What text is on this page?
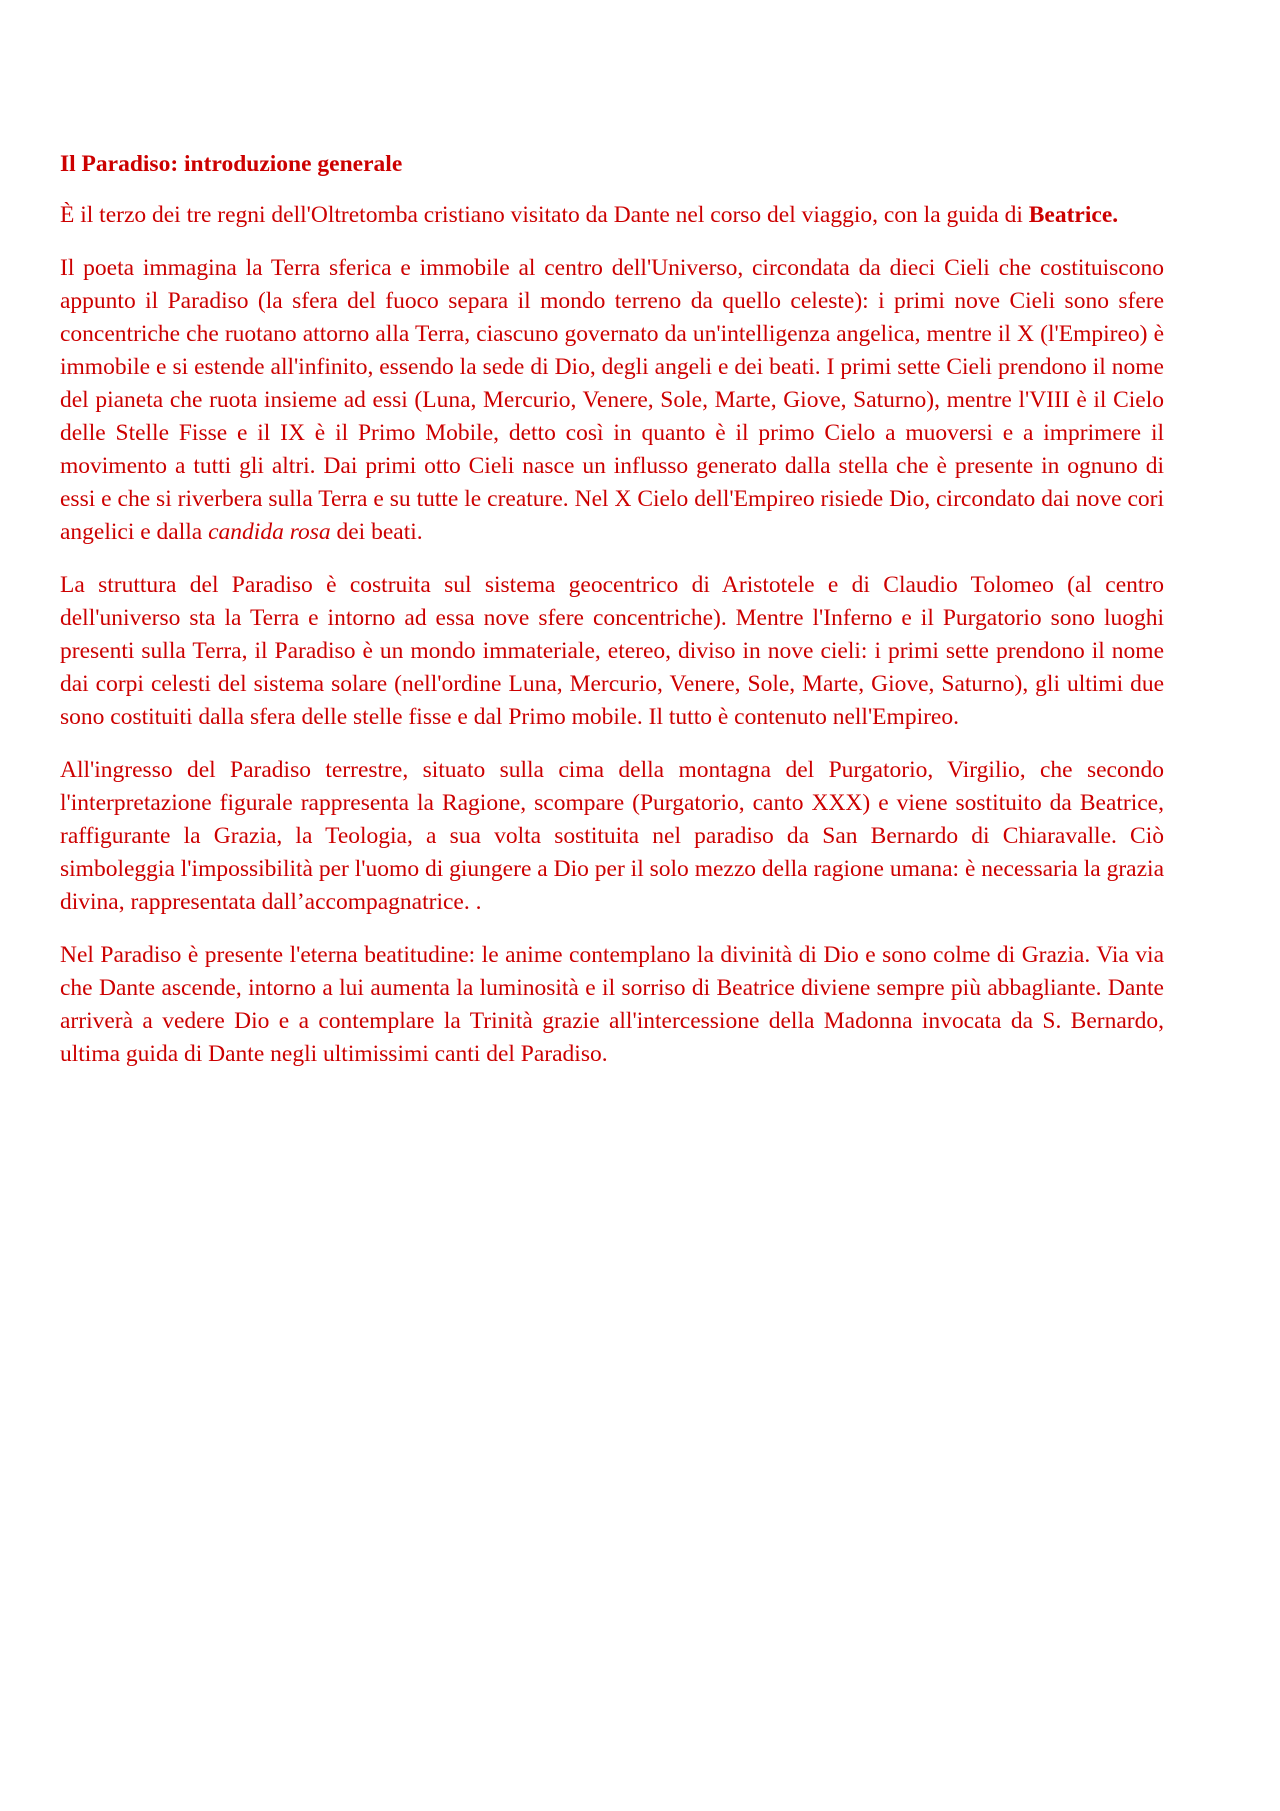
Il Paradiso: introduzione generale

È il terzo dei tre regni dell'Oltretomba cristiano visitato da Dante nel corso del viaggio, con la guida di Beatrice.

Il poeta immagina la Terra sferica e immobile al centro dell'Universo, circondata da dieci Cieli che costituiscono appunto il Paradiso (la sfera del fuoco separa il mondo terreno da quello celeste): i primi nove Cieli sono sfere concentriche che ruotano attorno alla Terra, ciascuno governato da un'intelligenza angelica, mentre il X (l'Empireo) è immobile e si estende all'infinito, essendo la sede di Dio, degli angeli e dei beati. I primi sette Cieli prendono il nome del pianeta che ruota insieme ad essi (Luna, Mercurio, Venere, Sole, Marte, Giove, Saturno), mentre l'VIII è il Cielo delle Stelle Fisse e il IX è il Primo Mobile, detto così in quanto è il primo Cielo a muoversi e a imprimere il movimento a tutti gli altri. Dai primi otto Cieli nasce un influsso generato dalla stella che è presente in ognuno di essi e che si riverbera sulla Terra e su tutte le creature. Nel X Cielo dell'Empireo risiede Dio, circondato dai nove cori angelici e dalla candida rosa dei beati.

La struttura del Paradiso è costruita sul sistema geocentrico di Aristotele e di Claudio Tolomeo (al centro dell'universo sta la Terra e intorno ad essa nove sfere concentriche). Mentre l'Inferno e il Purgatorio sono luoghi presenti sulla Terra, il Paradiso è un mondo immateriale, etereo, diviso in nove cieli: i primi sette prendono il nome dai corpi celesti del sistema solare (nell'ordine Luna, Mercurio, Venere, Sole, Marte, Giove, Saturno), gli ultimi due sono costituiti dalla sfera delle stelle fisse e dal Primo mobile. Il tutto è contenuto nell'Empireo.

All'ingresso del Paradiso terrestre, situato sulla cima della montagna del Purgatorio, Virgilio, che secondo l'interpretazione figurale rappresenta la Ragione, scompare (Purgatorio, canto XXX) e viene sostituito da Beatrice, raffigurante la Grazia, la Teologia, a sua volta sostituita nel paradiso da San Bernardo di Chiaravalle. Ciò simboleggia l'impossibilità per l'uomo di giungere a Dio per il solo mezzo della ragione umana: è necessaria la grazia divina, rappresentata dall’accompagnatrice. .

Nel Paradiso è presente l'eterna beatitudine: le anime contemplano la divinità di Dio e sono colme di Grazia. Via via che Dante ascende, intorno a lui aumenta la luminosità e il sorriso di Beatrice diviene sempre più abbagliante. Dante arriverà a vedere Dio e a contemplare la Trinità grazie all'intercessione della Madonna invocata da S. Bernardo, ultima guida di Dante negli ultimissimi canti del Paradiso.
